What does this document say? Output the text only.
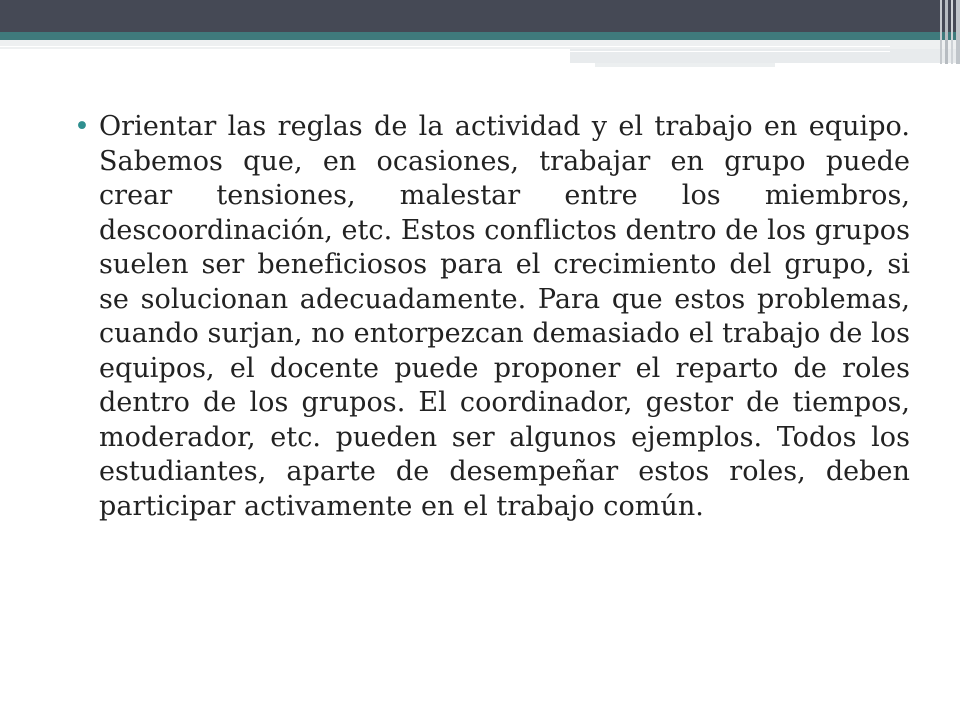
• Orientar las reglas de la actividad y el trabajo en equipo. Sabemos que, en ocasiones, trabajar en grupo puede crear tensiones, malestar entre los miembros, descoordinación, etc. Estos conflictos dentro de los grupos suelen ser beneficiosos para el crecimiento del grupo, si se solucionan adecuadamente. Para que estos problemas, cuando surjan, no entorpezcan demasiado el trabajo de los equipos, el docente puede proponer el reparto de roles dentro de los grupos. El coordinador, gestor de tiempos, moderador, etc. pueden ser algunos ejemplos. Todos los estudiantes, aparte de desempeñar estos roles, deben participar activamente en el trabajo común.
